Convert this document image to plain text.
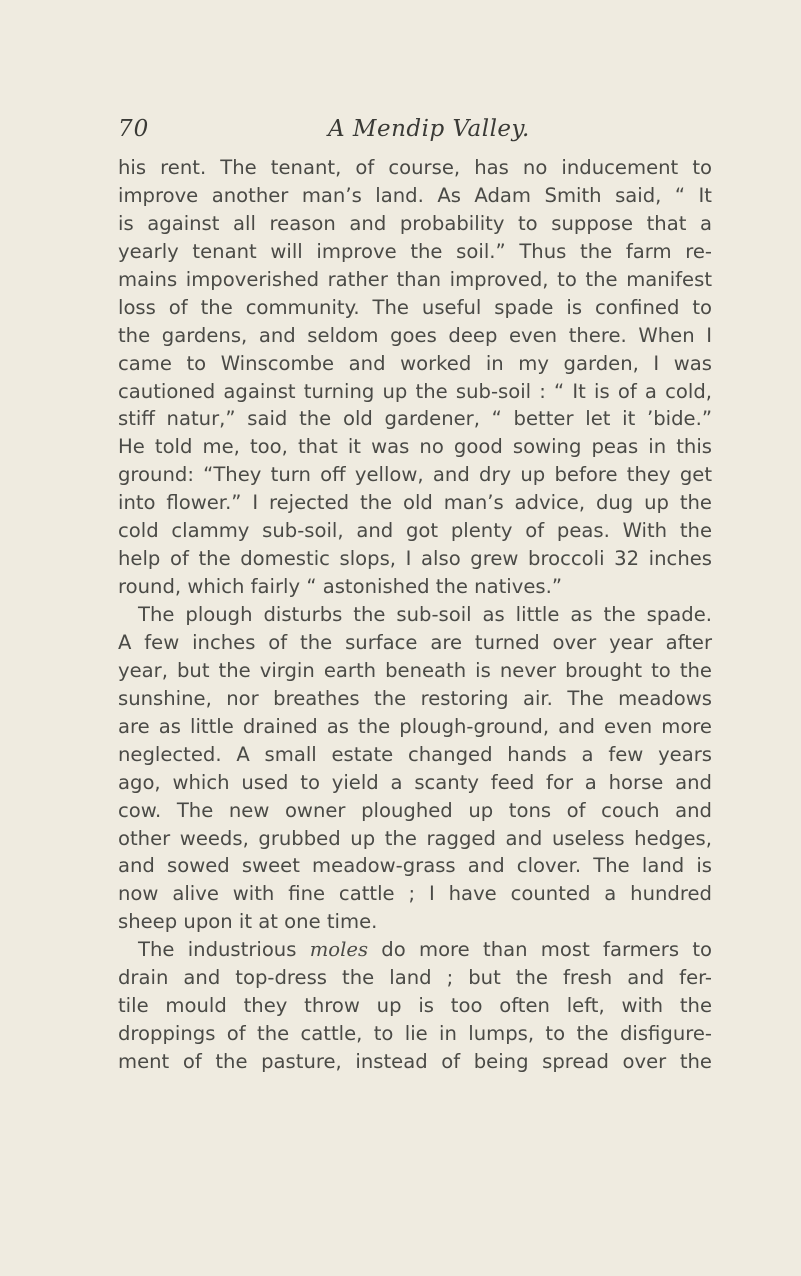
70	A Mendip Valley.
his rent. The tenant, of course, has no inducement to
improve another man’s land. As Adam Smith said, “ It
is against all reason and probability to suppose that a
yearly tenant will improve the soil.” Thus the farm re-
mains impoverished rather than improved, to the manifest
loss of the community. The useful spade is confined to
the gardens, and seldom goes deep even there. When I
came to Winscombe and worked in my garden, I was
cautioned against turning up the sub-soil : “ It is of a cold,
stiff natur,” said the old gardener, “ better let it ’bide.”
He told me, too, that it was no good sowing peas in this
ground: “They turn off yellow, and dry up before they get
into flower.” I rejected the old man’s advice, dug up the
cold clammy sub-soil, and got plenty of peas. With the
help of the domestic slops, I also grew broccoli 32 inches
round, which fairly “ astonished the natives.”
The plough disturbs the sub-soil as little as the spade.
A few inches of the surface are turned over year after
year, but the virgin earth beneath is never brought to the
sunshine, nor breathes the restoring air. The meadows
are as little drained as the plough-ground, and even more
neglected. A small estate changed hands a few years
ago, which used to yield a scanty feed for a horse and
cow. The new owner ploughed up tons of couch and
other weeds, grubbed up the ragged and useless hedges,
and sowed sweet meadow-grass and clover. The land is
now alive with fine cattle ; I have counted a hundred
sheep upon it at one time.
The industrious moles do more than most farmers to
drain and top-dress the land ; but the fresh and fer-
tile mould they throw up is too often left, with the
droppings of the cattle, to lie in lumps, to the disfigure-
ment of the pasture, instead of being spread over the
